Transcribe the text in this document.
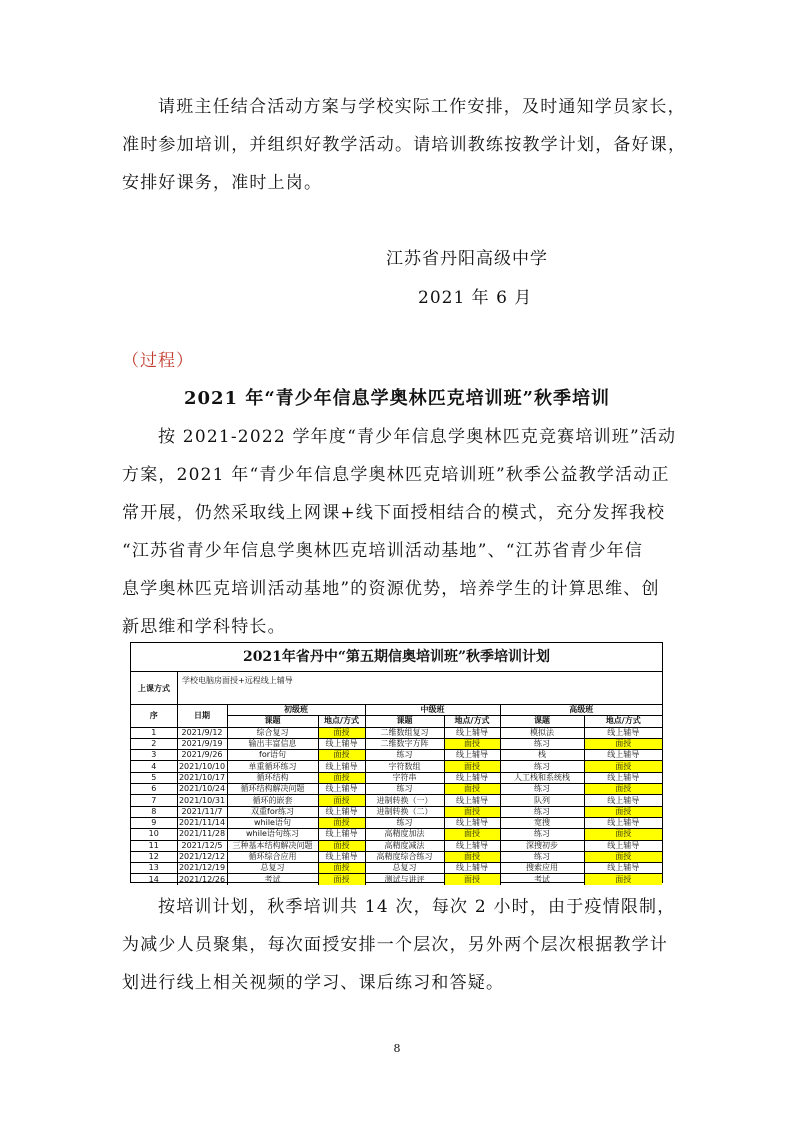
请班主任结合活动方案与学校实际工作安排，及时通知学员家长，
准时参加培训，并组织好教学活动。请培训教练按教学计划，备好课，
安排好课务，准时上岗。

江苏省丹阳高级中学
2021 年 6 月
（过程）
2021 年“青少年信息学奥林匹克培训班”秋季培训

按 2021-2022 学年度“青少年信息学奥林匹克竞赛培训班”活动
方案，2021 年“青少年信息学奥林匹克培训班”秋季公益教学活动正
常开展，仍然采取线上网课+线下面授相结合的模式，充分发挥我校
“江苏省青少年信息学奥林匹克培训活动基地”、“江苏省青少年信
息学奥林匹克培训活动基地”的资源优势，培养学生的计算思维、创
新思维和学科特长。

2021年省丹中“第五期信奥培训班”秋季培训计划
上课方式
学校电脑房面授+远程线上辅导
序	日期	初级班		中级班		高级班	
		课题	地点/方式	课题	地点/方式	课题	地点/方式
1	2021/9/12	综合复习	面授	二维数组复习	线上辅导	模拟法	线上辅导
2	2021/9/19	输出丰富信息	线上辅导	二维数字方阵	面授	练习	面授
3	2021/9/26	for语句	面授	练习	线上辅导	栈	线上辅导
4	2021/10/10	单重循环练习	线上辅导	字符数组	面授	练习	面授
5	2021/10/17	循环结构	面授	字符串	线上辅导	人工栈和系统栈	线上辅导
6	2021/10/24	循环结构解决问题	线上辅导	练习	面授	练习	面授
7	2021/10/31	循环的嵌套	面授	进制转换（一）	线上辅导	队列	线上辅导
8	2021/11/7	双重for练习	线上辅导	进制转换（二）	面授	练习	面授
9	2021/11/14	while语句	面授	练习	线上辅导	宽搜	线上辅导
10	2021/11/28	while语句练习	线上辅导	高精度加法	面授	练习	面授
11	2021/12/5	三种基本结构解决问题	面授	高精度减法	线上辅导	深搜初步	线上辅导
12	2021/12/12	循环综合应用	线上辅导	高精度综合练习	面授	练习	面授
13	2021/12/19	总复习	面授	总复习	线上辅导	搜索应用	线上辅导
14	2021/12/26	考试	面授	测试与讲评	面授	考试	面授

按培训计划，秋季培训共 14 次，每次 2 小时，由于疫情限制，
为减少人员聚集，每次面授安排一个层次，另外两个层次根据教学计
划进行线上相关视频的学习、课后练习和答疑。

8
